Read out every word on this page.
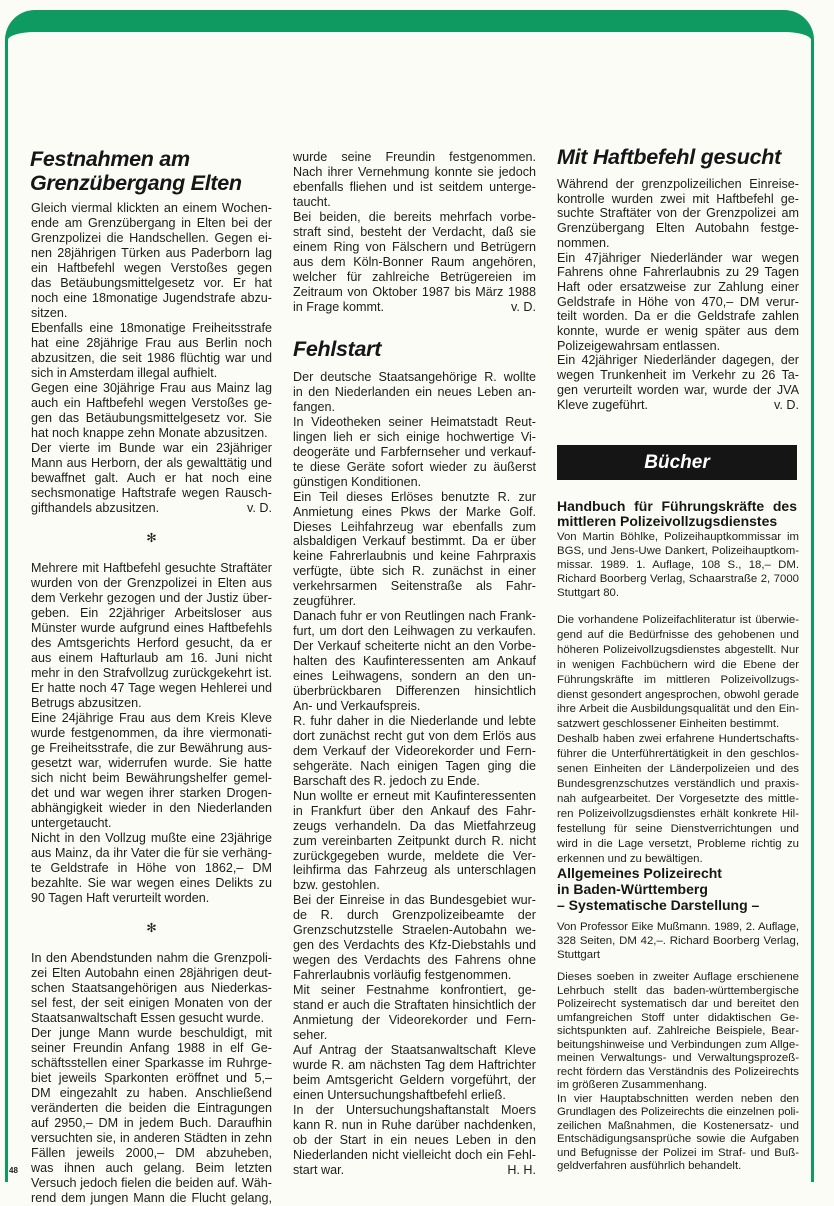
Festnahmen am
Grenzübergang Elten
Gleich viermal klickten an einem Wochen-
ende am Grenzübergang in Elten bei der
Grenzpolizei die Handschellen. Gegen ei-
nen 28jährigen Türken aus Paderborn lag
ein Haftbefehl wegen Verstoßes gegen
das Betäubungsmittelgesetz vor. Er hat
noch eine 18monatige Jugendstrafe abzu-
sitzen.
Ebenfalls eine 18monatige Freiheitsstrafe
hat eine 28jährige Frau aus Berlin noch
abzusitzen, die seit 1986 flüchtig war und
sich in Amsterdam illegal aufhielt.
Gegen eine 30jährige Frau aus Mainz lag
auch ein Haftbefehl wegen Verstoßes ge-
gen das Betäubungsmittelgesetz vor. Sie
hat noch knappe zehn Monate abzusitzen.
Der vierte im Bunde war ein 23jähriger
Mann aus Herborn, der als gewalttätig und
bewaffnet galt. Auch er hat noch eine
sechsmonatige Haftstrafe wegen Rausch-
gifthandels abzusitzen.	v. D.
✻
Mehrere mit Haftbefehl gesuchte Straftäter
wurden von der Grenzpolizei in Elten aus
dem Verkehr gezogen und der Justiz über-
geben. Ein 22jähriger Arbeitsloser aus
Münster wurde aufgrund eines Haftbefehls
des Amtsgerichts Herford gesucht, da er
aus einem Hafturlaub am 16. Juni nicht
mehr in den Strafvollzug zurückgekehrt ist.
Er hatte noch 47 Tage wegen Hehlerei und
Betrugs abzusitzen.
Eine 24jährige Frau aus dem Kreis Kleve
wurde festgenommen, da ihre viermonati-
ge Freiheitsstrafe, die zur Bewährung aus-
gesetzt war, widerrufen wurde. Sie hatte
sich nicht beim Bewährungshelfer gemel-
det und war wegen ihrer starken Drogen-
abhängigkeit wieder in den Niederlanden
untergetaucht.
Nicht in den Vollzug mußte eine 23jährige
aus Mainz, da ihr Vater die für sie verhäng-
te Geldstrafe in Höhe von 1862,– DM
bezahlte. Sie war wegen eines Delikts zu
90 Tagen Haft verurteilt worden.
✻
In den Abendstunden nahm die Grenzpoli-
zei Elten Autobahn einen 28jährigen deut-
schen Staatsangehörigen aus Niederkas-
sel fest, der seit einigen Monaten von der
Staatsanwaltschaft Essen gesucht wurde.
Der junge Mann wurde beschuldigt, mit
seiner Freundin Anfang 1988 in elf Ge-
schäftsstellen einer Sparkasse im Ruhrge-
biet jeweils Sparkonten eröffnet und 5,–
DM eingezahlt zu haben. Anschließend
veränderten die beiden die Eintragungen
auf 2950,– DM in jedem Buch. Daraufhin
versuchten sie, in anderen Städten in zehn
Fällen jeweils 2000,– DM abzuheben,
was ihnen auch gelang. Beim letzten
Versuch jedoch fielen die beiden auf. Wäh-
rend dem jungen Mann die Flucht gelang,
wurde seine Freundin festgenommen.
Nach ihrer Vernehmung konnte sie jedoch
ebenfalls fliehen und ist seitdem unterge-
taucht.
Bei beiden, die bereits mehrfach vorbe-
straft sind, besteht der Verdacht, daß sie
einem Ring von Fälschern und Betrügern
aus dem Köln-Bonner Raum angehören,
welcher für zahlreiche Betrügereien im
Zeitraum von Oktober 1987 bis März 1988
in Frage kommt.	v. D.
Fehlstart
Der deutsche Staatsangehörige R. wollte
in den Niederlanden ein neues Leben an-
fangen.
In Videotheken seiner Heimatstadt Reut-
lingen lieh er sich einige hochwertige Vi-
deogeräte und Farbfernseher und verkauf-
te diese Geräte sofort wieder zu äußerst
günstigen Konditionen.
Ein Teil dieses Erlöses benutzte R. zur
Anmietung eines Pkws der Marke Golf.
Dieses Leihfahrzeug war ebenfalls zum
alsbaldigen Verkauf bestimmt. Da er über
keine Fahrerlaubnis und keine Fahrpraxis
verfügte, übte sich R. zunächst in einer
verkehrsarmen Seitenstraße als Fahr-
zeugführer.
Danach fuhr er von Reutlingen nach Frank-
furt, um dort den Leihwagen zu verkaufen.
Der Verkauf scheiterte nicht an den Vorbe-
halten des Kaufinteressenten am Ankauf
eines Leihwagens, sondern an den un-
überbrückbaren Differenzen hinsichtlich
An- und Verkaufspreis.
R. fuhr daher in die Niederlande und lebte
dort zunächst recht gut von dem Erlös aus
dem Verkauf der Videorekorder und Fern-
sehgeräte. Nach einigen Tagen ging die
Barschaft des R. jedoch zu Ende.
Nun wollte er erneut mit Kaufinteressenten
in Frankfurt über den Ankauf des Fahr-
zeugs verhandeln. Da das Mietfahrzeug
zum vereinbarten Zeitpunkt durch R. nicht
zurückgegeben wurde, meldete die Ver-
leihfirma das Fahrzeug als unterschlagen
bzw. gestohlen.
Bei der Einreise in das Bundesgebiet wur-
de R. durch Grenzpolizeibeamte der
Grenzschutzstelle Straelen-Autobahn we-
gen des Verdachts des Kfz-Diebstahls und
wegen des Verdachts des Fahrens ohne
Fahrerlaubnis vorläufig festgenommen.
Mit seiner Festnahme konfrontiert, ge-
stand er auch die Straftaten hinsichtlich der
Anmietung der Videorekorder und Fern-
seher.
Auf Antrag der Staatsanwaltschaft Kleve
wurde R. am nächsten Tag dem Haftrichter
beim Amtsgericht Geldern vorgeführt, der
einen Untersuchungshaftbefehl erließ.
In der Untersuchungshaftanstalt Moers
kann R. nun in Ruhe darüber nachdenken,
ob der Start in ein neues Leben in den
Niederlanden nicht vielleicht doch ein Fehl-
start war.	H. H.
Mit Haftbefehl gesucht
Während der grenzpolizeilichen Einreise-
kontrolle wurden zwei mit Haftbefehl ge-
suchte Straftäter von der Grenzpolizei am
Grenzübergang Elten Autobahn festge-
nommen.
Ein 47jähriger Niederländer war wegen
Fahrens ohne Fahrerlaubnis zu 29 Tagen
Haft oder ersatzweise zur Zahlung einer
Geldstrafe in Höhe von 470,– DM verur-
teilt worden. Da er die Geldstrafe zahlen
konnte, wurde er wenig später aus dem
Polizeigewahrsam entlassen.
Ein 42jähriger Niederländer dagegen, der
wegen Trunkenheit im Verkehr zu 26 Ta-
gen verurteilt worden war, wurde der JVA
Kleve zugeführt.	v. D.
Bücher
Handbuch für Führungskräfte des
mittleren Polizeivollzugsdienstes
Von Martin Böhlke, Polizeihauptkommissar im
BGS, und Jens-Uwe Dankert, Polizeihauptkom-
missar. 1989. 1. Auflage, 108 S., 18,– DM.
Richard Boorberg Verlag, Schaarstraße 2, 7000
Stuttgart 80.
Die vorhandene Polizeifachliteratur ist überwie-
gend auf die Bedürfnisse des gehobenen und
höheren Polizeivollzugsdienstes abgestellt. Nur
in wenigen Fachbüchern wird die Ebene der
Führungskräfte im mittleren Polizeivollzugs-
dienst gesondert angesprochen, obwohl gerade
ihre Arbeit die Ausbildungsqualität und den Ein-
satzwert geschlossener Einheiten bestimmt.
Deshalb haben zwei erfahrene Hundertschafts-
führer die Unterführertätigkeit in den geschlos-
senen Einheiten der Länderpolizeien und des
Bundesgrenzschutzes verständlich und praxis-
nah aufgearbeitet. Der Vorgesetzte des mittle-
ren Polizeivollzugsdienstes erhält konkrete Hil-
festellung für seine Dienstverrichtungen und
wird in die Lage versetzt, Probleme richtig zu
erkennen und zu bewältigen.
Allgemeines Polizeirecht
in Baden-Württemberg
– Systematische Darstellung –
Von Professor Eike Mußmann. 1989, 2. Auflage,
328 Seiten, DM 42,–. Richard Boorberg Verlag,
Stuttgart
Dieses soeben in zweiter Auflage erschienene
Lehrbuch stellt das baden-württembergische
Polizeirecht systematisch dar und bereitet den
umfangreichen Stoff unter didaktischen Ge-
sichtspunkten auf. Zahlreiche Beispiele, Bear-
beitungshinweise und Verbindungen zum Allge-
meinen Verwaltungs- und Verwaltungsprozeß-
recht fördern das Verständnis des Polizeirechts
im größeren Zusammenhang.
In vier Hauptabschnitten werden neben den
Grundlagen des Polizeirechts die einzelnen poli-
zeilichen Maßnahmen, die Kostenersatz- und
Entschädigungsansprüche sowie die Aufgaben
und Befugnisse der Polizei im Straf- und Buß-
geldverfahren ausführlich behandelt.
48
